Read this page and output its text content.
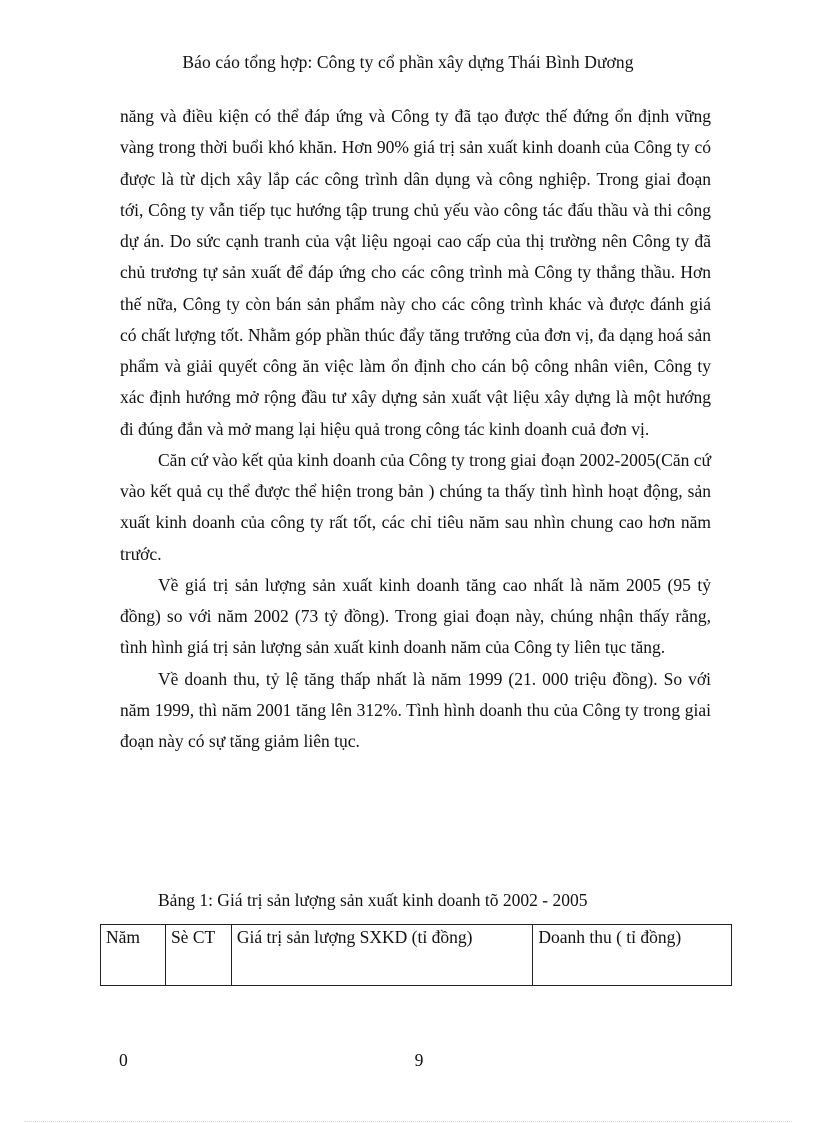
Báo cáo tổng hợp: Công ty cổ phần xây dựng Thái Bình Dương

năng và điều kiện có thể đáp ứng và Công ty đã tạo được thế đứng ổn định vững vàng trong thời buổi khó khăn. Hơn 90% giá trị sản xuất kinh doanh của Công ty có được là từ dịch xây lắp các công trình dân dụng và công nghiệp. Trong giai đoạn tới, Công ty vẫn tiếp tục hướng tập trung chủ yếu vào công tác đấu thầu và thi công dự án. Do sức cạnh tranh của vật liệu ngoại cao cấp của thị trường nên Công ty đã chủ trương tự sản xuất để đáp ứng cho các công trình mà Công ty thắng thầu. Hơn thế nữa, Công ty còn bán sản phẩm này cho các công trình khác và được đánh giá có chất lượng tốt. Nhằm góp phần thúc đẩy tăng trưởng của đơn vị, đa dạng hoá sản phẩm và giải quyết công ăn việc làm ổn định cho cán bộ công nhân viên, Công ty xác định hướng mở rộng đầu tư xây dựng sản xuất vật liệu xây dựng là một hướng đi đúng đắn và mở mang lại hiệu quả trong công tác kinh doanh cuả đơn vị.

Căn cứ vào kết qủa kinh doanh của Công ty trong giai đoạn 2002-2005(Căn cứ vào kết quả cụ thể được thể hiện trong bản ) chúng ta thấy tình hình hoạt động, sản xuất kinh doanh của công ty rất tốt, các chỉ tiêu năm sau nhìn chung cao hơn năm trước.

Về giá trị sản lượng sản xuất kinh doanh tăng cao nhất là năm 2005 (95 tỷ đồng) so với năm 2002 (73 tỷ đồng). Trong giai đoạn này, chúng nhận thấy rằng, tình hình giá trị sản lượng sản xuất kinh doanh năm của Công ty liên tục tăng.

Về doanh thu, tỷ lệ tăng thấp nhất là năm 1999 (21. 000 triệu đồng). So với năm 1999, thì năm 2001 tăng lên 312%. Tình hình doanh thu của Công ty trong giai đoạn này có sự tăng giảm liên tục.

Bảng 1: Giá trị sản lượng sản xuất kinh doanh tõ 2002 - 2005
Năm	Sè CT	Giá trị sản lượng SXKD (tỉ đồng)	Doanh thu ( tỉ đồng)
0	9
